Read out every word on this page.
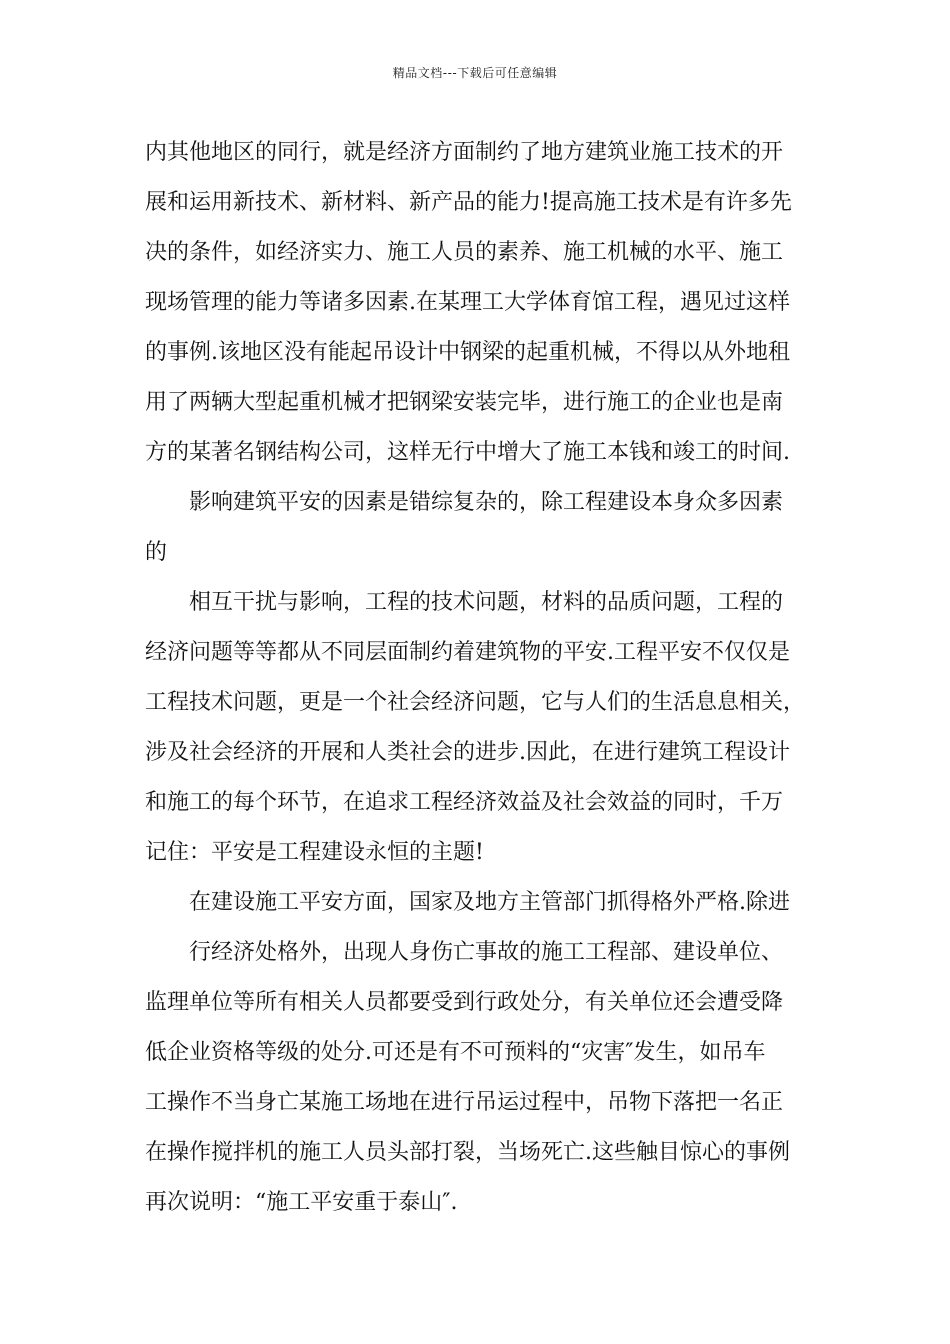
精品文档---下载后可任意编辑
内其他地区的同行，就是经济方面制约了地方建筑业施工技术的开
展和运用新技术、新材料、新产品的能力!提高施工技术是有许多先
决的条件，如经济实力、施工人员的素养、施工机械的水平、施工
现场管理的能力等诸多因素.在某理工大学体育馆工程，遇见过这样
的事例.该地区没有能起吊设计中钢梁的起重机械，不得以从外地租
用了两辆大型起重机械才把钢梁安装完毕，进行施工的企业也是南
方的某著名钢结构公司，这样无行中增大了施工本钱和竣工的时间.
影响建筑平安的因素是错综复杂的，除工程建设本身众多因素
的
相互干扰与影响，工程的技术问题，材料的品质问题，工程的
经济问题等等都从不同层面制约着建筑物的平安.工程平安不仅仅是
工程技术问题，更是一个社会经济问题，它与人们的生活息息相关，
涉及社会经济的开展和人类社会的进步.因此，在进行建筑工程设计
和施工的每个环节，在追求工程经济效益及社会效益的同时，千万
记住：平安是工程建设永恒的主题!
在建设施工平安方面，国家及地方主管部门抓得格外严格.除进
行经济处格外，出现人身伤亡事故的施工工程部、建设单位、
监理单位等所有相关人员都要受到行政处分，有关单位还会遭受降
低企业资格等级的处分.可还是有不可预料的“灾害″发生，如吊车
工操作不当身亡某施工场地在进行吊运过程中，吊物下落把一名正
在操作搅拌机的施工人员头部打裂，当场死亡.这些触目惊心的事例
再次说明：“施工平安重于泰山″.
